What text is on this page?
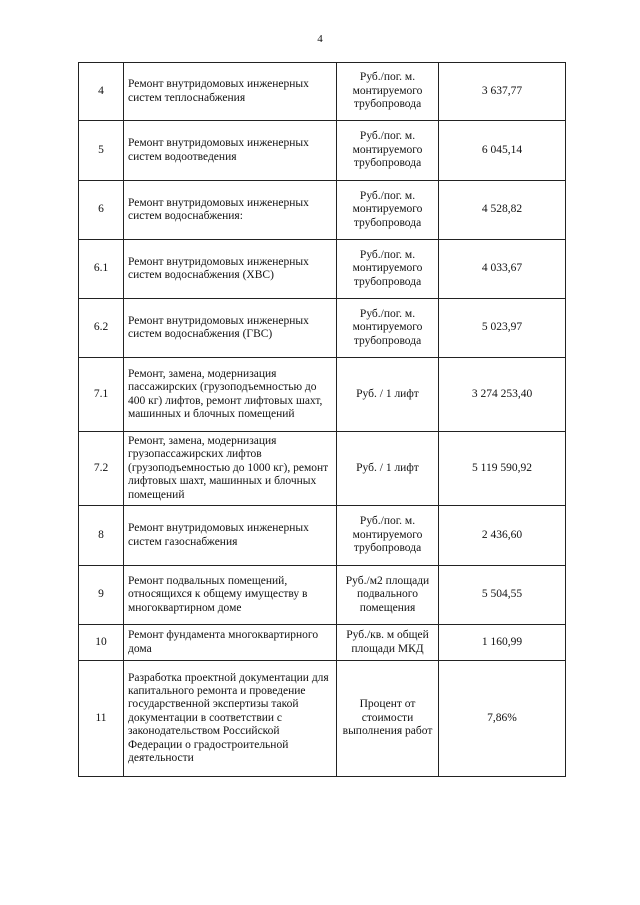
4
4	Ремонт внутридомовых инженерных систем теплоснабжения	Руб./пог. м. монтируемого трубопровода	3 637,77
5	Ремонт внутридомовых инженерных систем водоотведения	Руб./пог. м. монтируемого трубопровода	6 045,14
6	Ремонт внутридомовых инженерных систем водоснабжения:	Руб./пог. м. монтируемого трубопровода	4 528,82
6.1	Ремонт внутридомовых инженерных систем водоснабжения (ХВС)	Руб./пог. м. монтируемого трубопровода	4 033,67
6.2	Ремонт внутридомовых инженерных систем водоснабжения (ГВС)	Руб./пог. м. монтируемого трубопровода	5 023,97
7.1	Ремонт, замена, модернизация пассажирских (грузоподъемностью до 400 кг) лифтов, ремонт лифтовых шахт, машинных и блочных помещений	Руб. / 1 лифт	3 274 253,40
7.2	Ремонт, замена, модернизация грузопассажирских лифтов (грузоподъемностью до 1000 кг), ремонт лифтовых шахт, машинных и блочных помещений	Руб. / 1 лифт	5 119 590,92
8	Ремонт внутридомовых инженерных систем газоснабжения	Руб./пог. м. монтируемого трубопровода	2 436,60
9	Ремонт подвальных помещений, относящихся к общему имуществу в многоквартирном доме	Руб./м2 площади подвального помещения	5 504,55
10	Ремонт фундамента многоквартирного дома	Руб./кв. м общей площади МКД	1 160,99
11	Разработка проектной документации для капитального ремонта и проведение государственной экспертизы такой документации в соответствии с законодательством Российской Федерации о градостроительной деятельности	Процент от стоимости выполнения работ	7,86%
